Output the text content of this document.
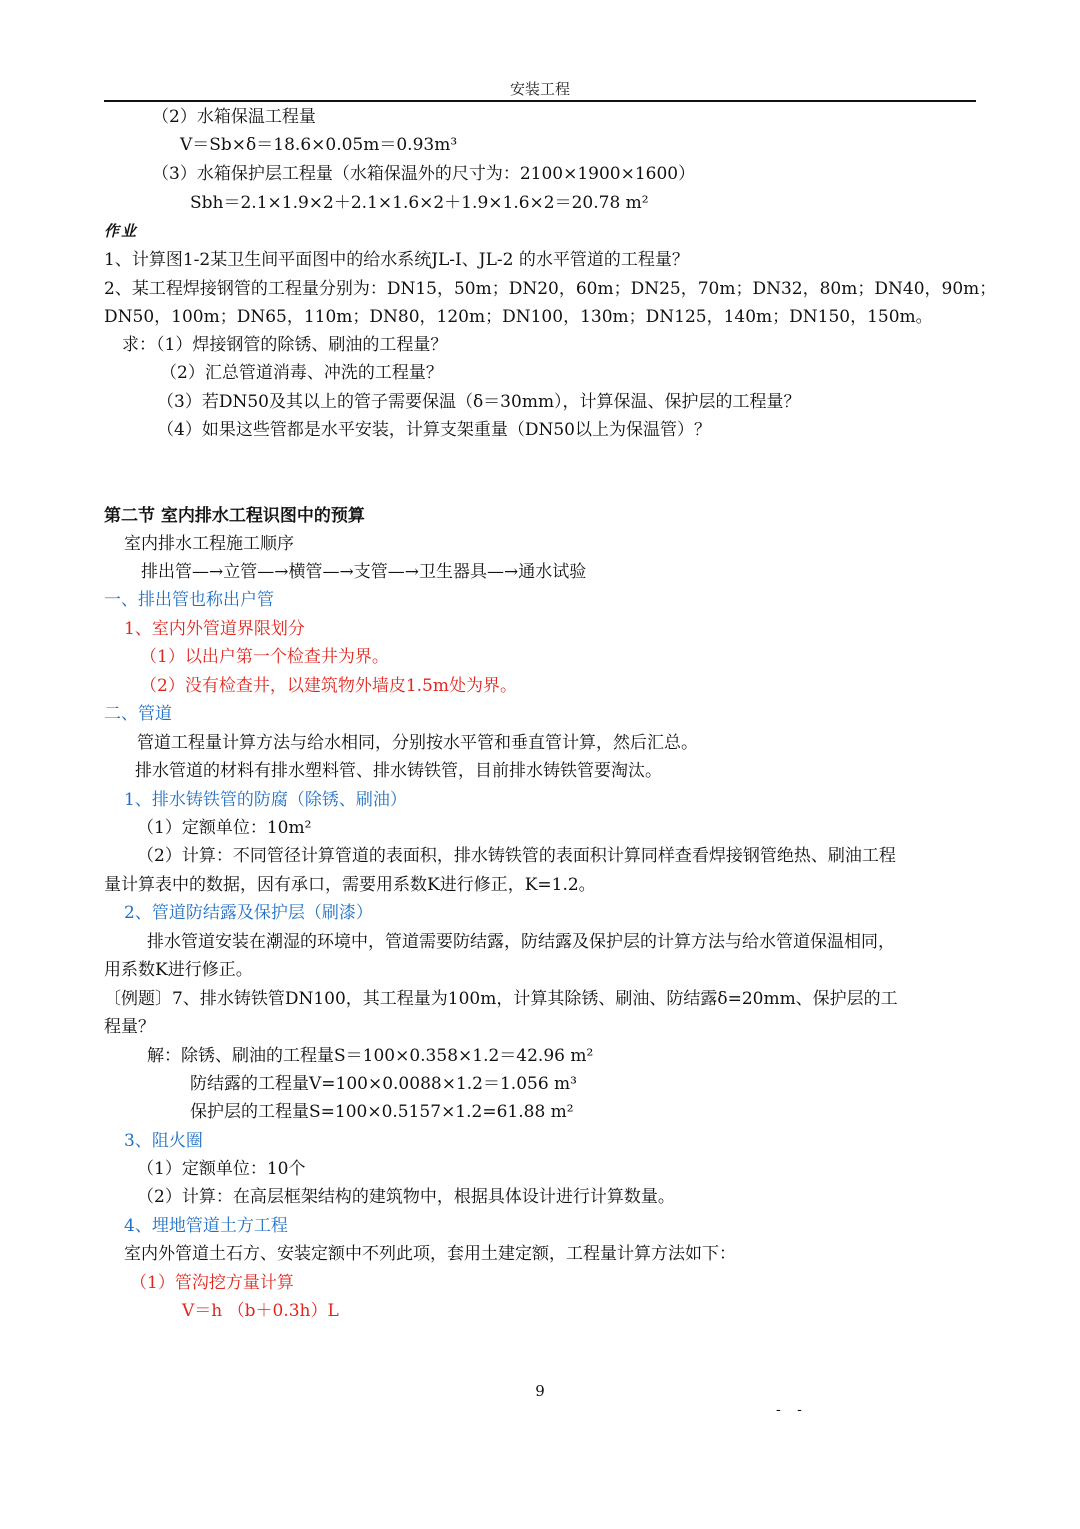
安装工程
（2）水箱保温工程量
V＝Sb×δ＝18.6×0.05m＝0.93m³
（3）水箱保护层工程量（水箱保温外的尺寸为：2100×1900×1600）
Sbh＝2.1×1.9×2＋2.1×1.6×2＋1.9×1.6×2＝20.78 m²
作业
1、计算图1-2某卫生间平面图中的给水系统JL-I、JL-2 的水平管道的工程量？
2、某工程焊接钢管的工程量分别为：DN15，50m；DN20，60m；DN25，70m；DN32，80m；DN40，90m；
DN50，100m；DN65，110m；DN80，120m；DN100，130m；DN125，140m；DN150，150m。
求：（1）焊接钢管的除锈、刷油的工程量？
（2）汇总管道消毒、冲洗的工程量？
（3）若DN50及其以上的管子需要保温（δ＝30mm），计算保温、保护层的工程量？
（4）如果这些管都是水平安装，计算支架重量（DN50以上为保温管）？
第二节 室内排水工程识图中的预算
室内排水工程施工顺序
排出管—→立管—→横管—→支管—→卫生器具—→通水试验
一、排出管也称出户管
1、室内外管道界限划分
（1）以出户第一个检查井为界。
（2）没有检查井，以建筑物外墙皮1.5m处为界。
二、管道
管道工程量计算方法与给水相同，分别按水平管和垂直管计算，然后汇总。
排水管道的材料有排水塑料管、排水铸铁管，目前排水铸铁管要淘汰。
1、排水铸铁管的防腐（除锈、刷油）
（1）定额单位：10m²
（2）计算：不同管径计算管道的表面积，排水铸铁管的表面积计算同样查看焊接钢管绝热、刷油工程
量计算表中的数据，因有承口，需要用系数K进行修正，K=1.2。
2、管道防结露及保护层（刷漆）
排水管道安装在潮湿的环境中，管道需要防结露，防结露及保护层的计算方法与给水管道保温相同，
用系数K进行修正。
〔例题〕7、排水铸铁管DN100，其工程量为100m，计算其除锈、刷油、防结露δ=20mm、保护层的工
程量？
解：除锈、刷油的工程量S＝100×0.358×1.2＝42.96 m²
防结露的工程量V=100×0.0088×1.2＝1.056 m³
保护层的工程量S=100×0.5157×1.2=61.88 m²
3、阻火圈
（1）定额单位：10个
（2）计算：在高层框架结构的建筑物中，根据具体设计进行计算数量。
4、埋地管道土方工程
室内外管道土石方、安装定额中不列此项，套用土建定额，工程量计算方法如下：
（1）管沟挖方量计算
V＝h （b＋0.3h）L
9
- -
